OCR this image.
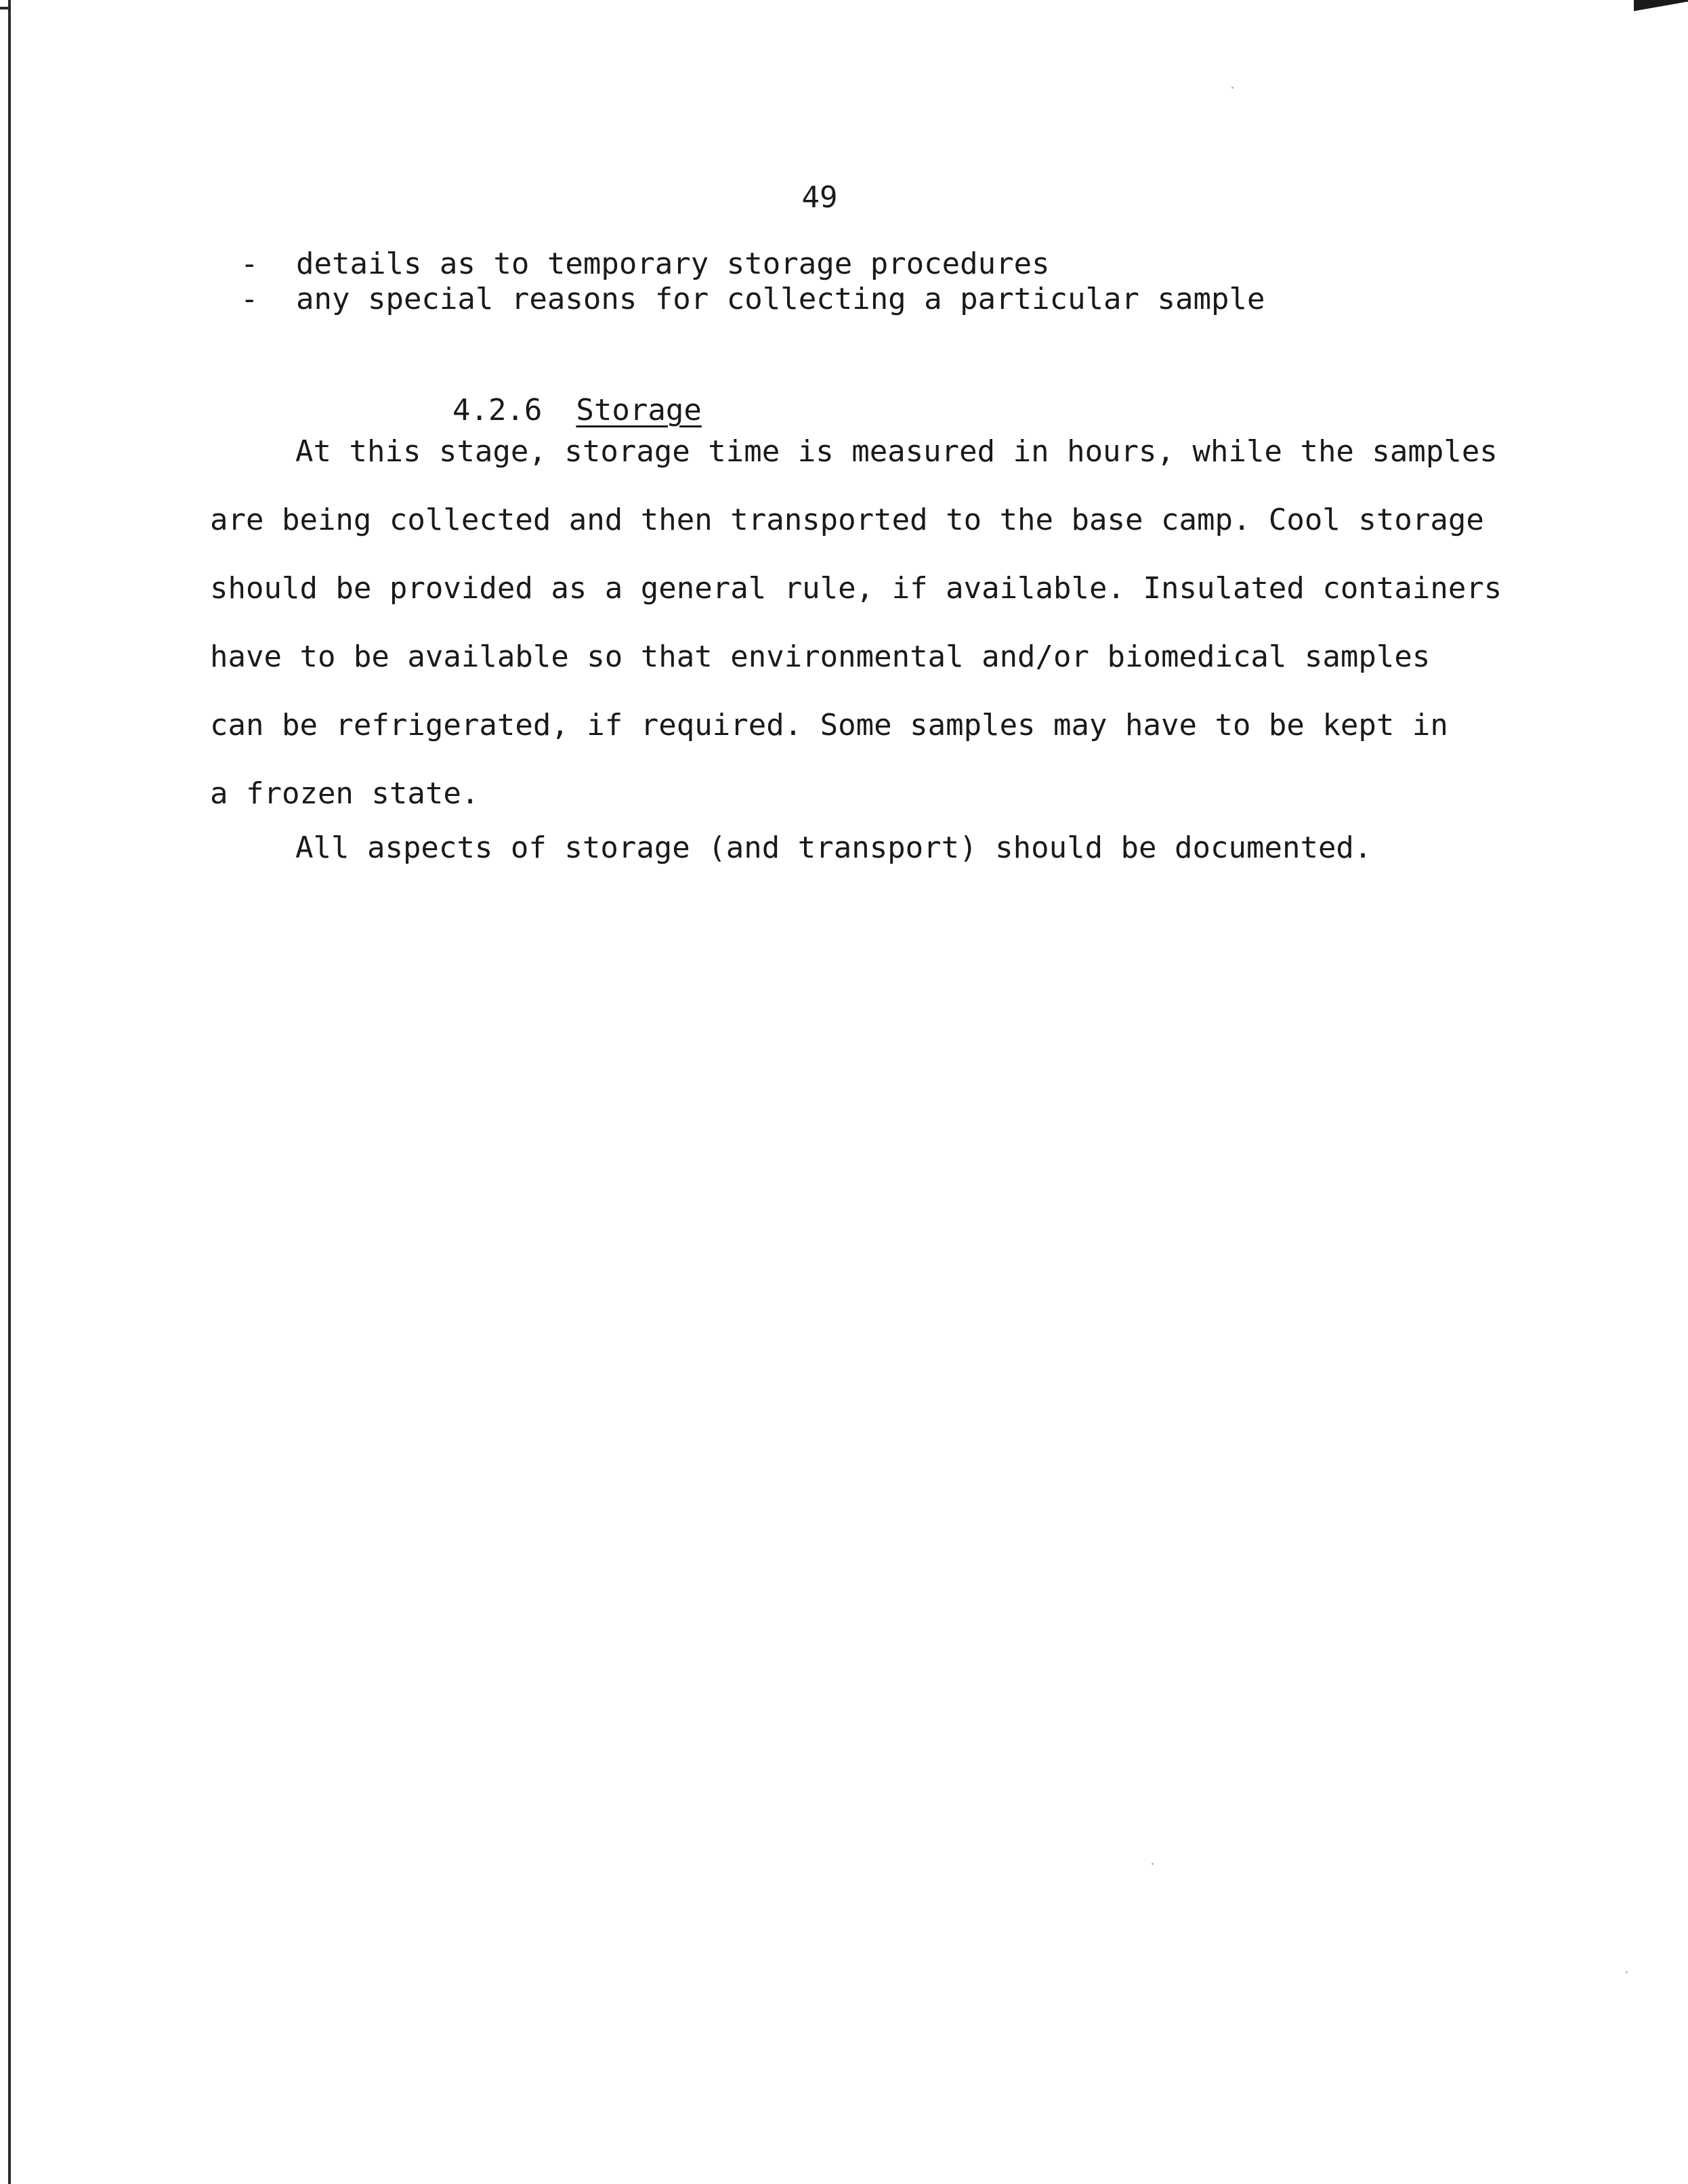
49
-	details as to temporary storage procedures
-	any special reasons for collecting a particular sample

4.2.6 Storage

At this stage, storage time is measured in hours, while the samples
are being collected and then transported to the base camp. Cool storage
should be provided as a general rule, if available. Insulated containers
have to be available so that environmental and/or biomedical samples
can be refrigerated, if required. Some samples may have to be kept in
a frozen state.

All aspects of storage (and transport) should be documented.
